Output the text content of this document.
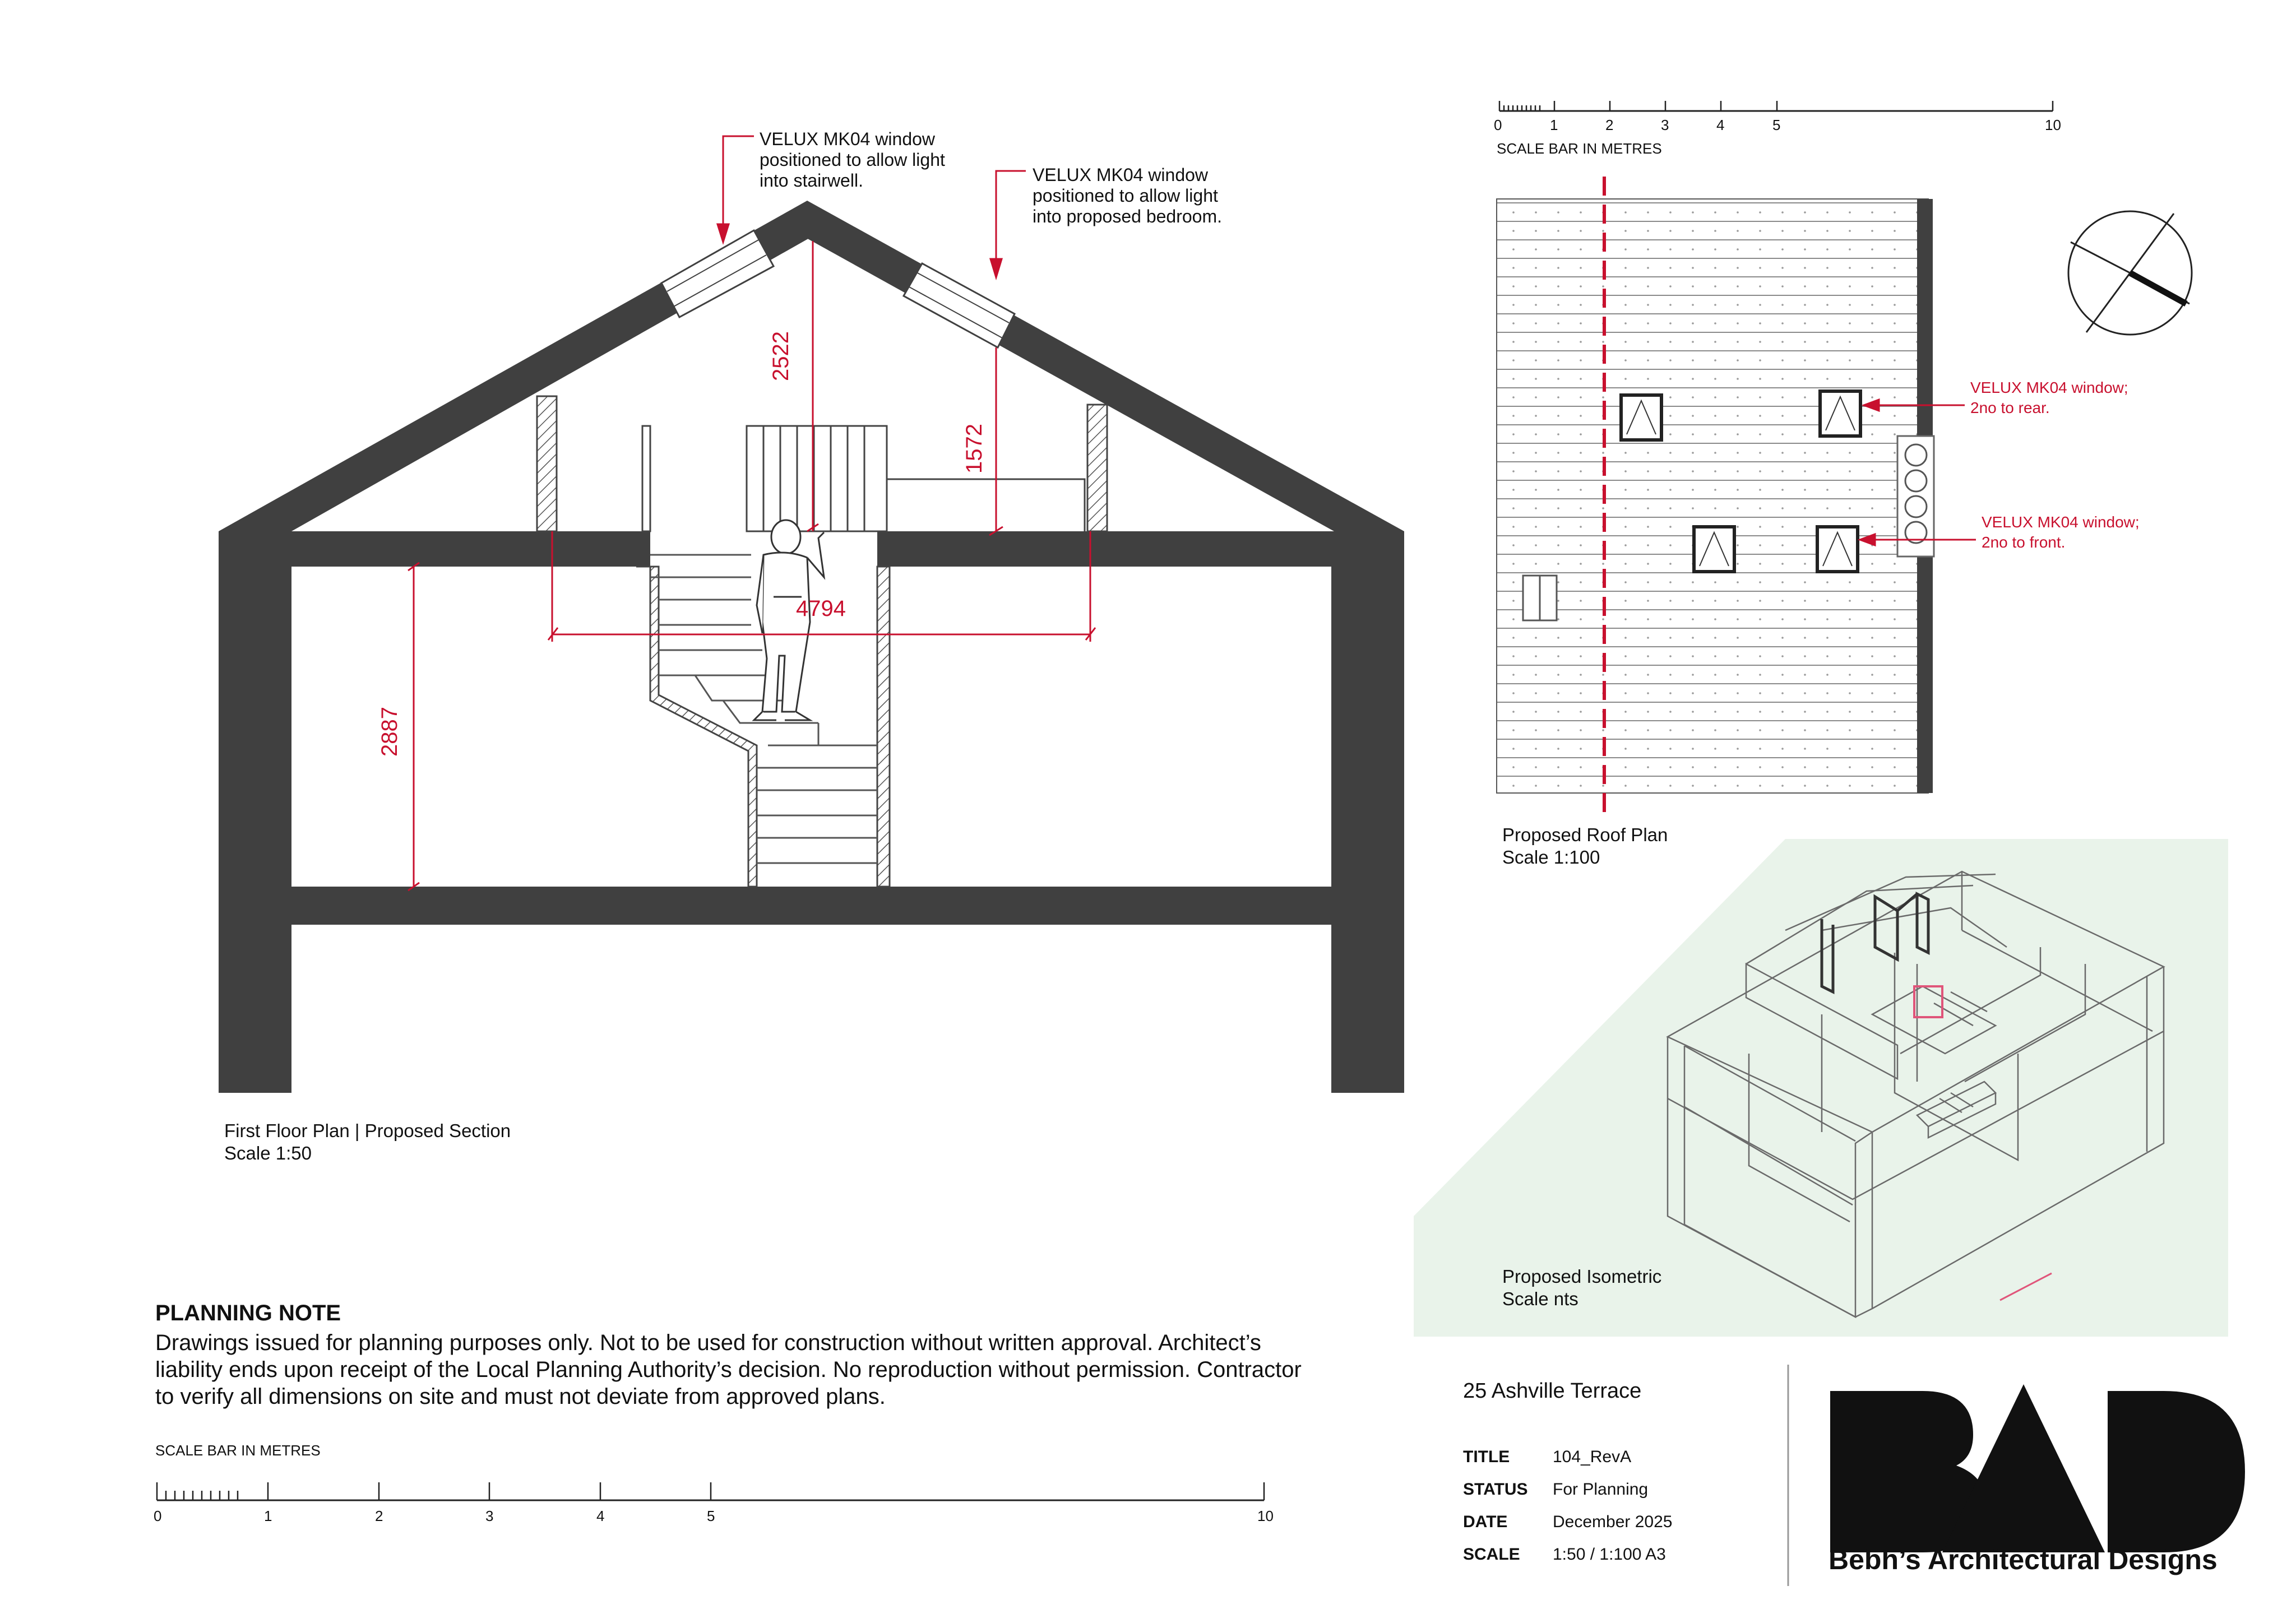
VELUX MK04 window
positioned to allow light
into stairwell.	VELUX MK04 window
positioned to allow light
into proposed bedroom.
2522
1572
4794
2887
First Floor Plan | Proposed Section
Scale 1:50
0	1	2	3	4	5	10
SCALE BAR IN METRES
VELUX MK04 window;
2no to rear.
VELUX MK04 window;
2no to front.
Proposed Roof Plan
Scale 1:100
Proposed Isometric
Scale nts
PLANNING NOTE
Drawings issued for planning purposes only. Not to be used for construction without written approval. Architect’s liability ends upon receipt of the Local Planning Authority’s decision. No reproduction without permission. Contractor to verify all dimensions on site and must not deviate from approved plans.
SCALE BAR IN METRES
0	1	2	3	4	5	10
25 Ashville Terrace
TITLE	104_RevA
STATUS For Planning
DATE	December 2025
SCALE 1:50 / 1:100 A3	Bebh’s Architectural Designs
